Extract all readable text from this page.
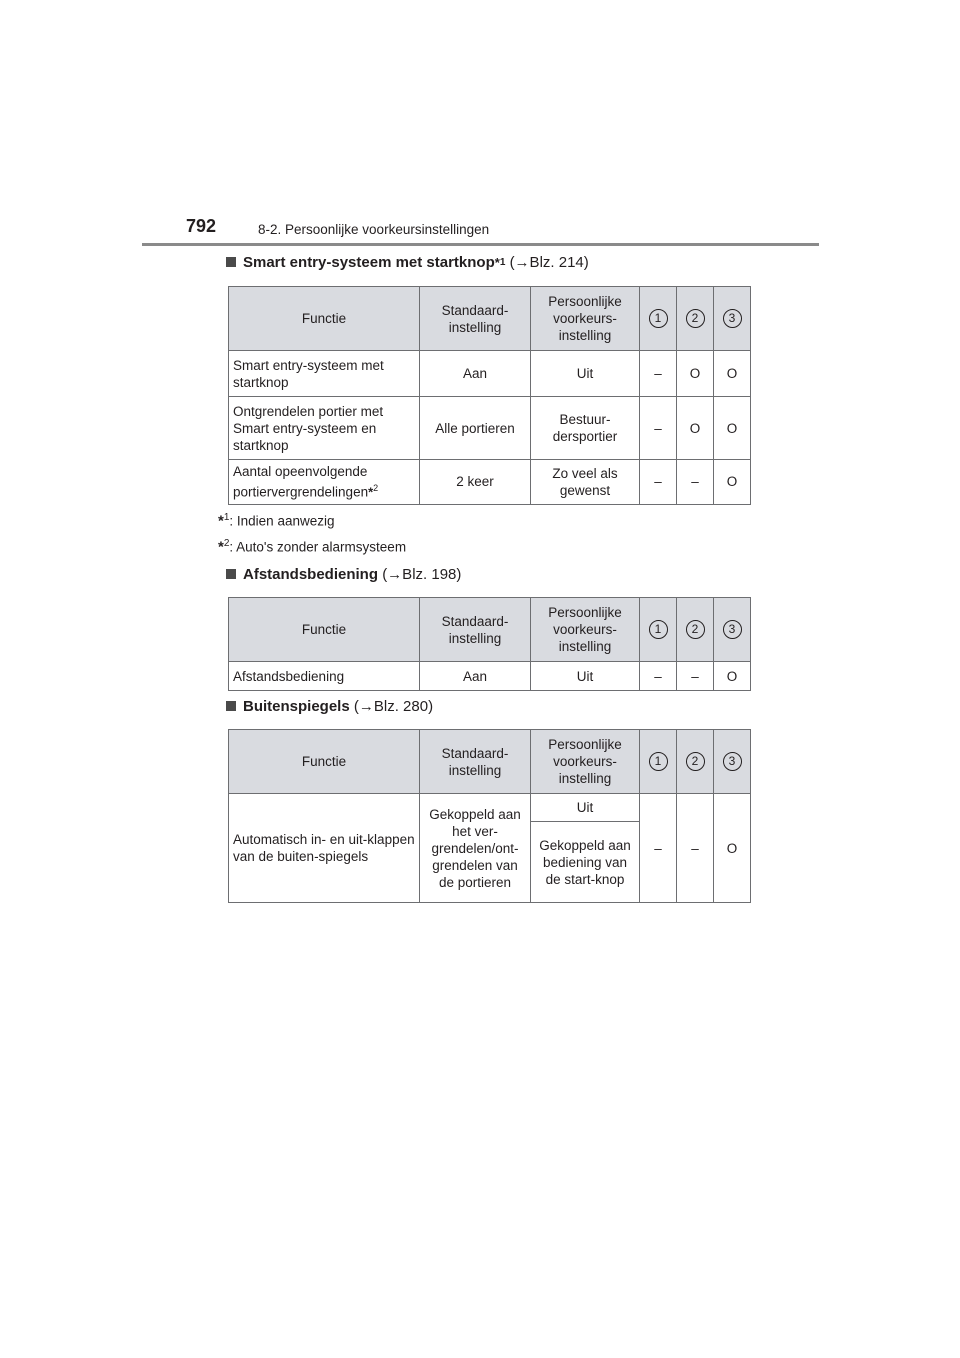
792	8-2. Persoonlijke voorkeursinstellingen
Smart entry-systeem met startknop *$^1$
(→Blz. 214)
Functie	Standaard-instelling	Persoonlijke voorkeurs-instelling	1	2	3
Smart entry-systeem met startknop	Aan	Uit	–	O	O
Ontgrendelen portier met Smart entry-systeem en startknop	Alle portieren	Bestuur-dersportier	–	O	O
Aantal opeenvolgende portiervergrendelingen*$^2$	2 keer	Zo veel als gewenst	–	–	O
*$^1$: Indien aanwezig
*$^2$: Auto's zonder alarmsysteem
Afstandsbediening
(→Blz. 198)
Functie	Standaard-instelling	Persoonlijke voorkeurs-instelling	1	2	3
Afstandsbediening	Aan	Uit	–	–	O
Buitenspiegels
(→Blz. 280)
Functie	Standaard-instelling	Persoonlijke voorkeurs-instelling	1	2	3
Automatisch in- en uit-klappen van de buiten-spiegels	Gekoppeld aan het ver-grendelen/ont-grendelen van de portieren	Uit	–	–	O
		Gekoppeld aan bediening van de start-knop			
